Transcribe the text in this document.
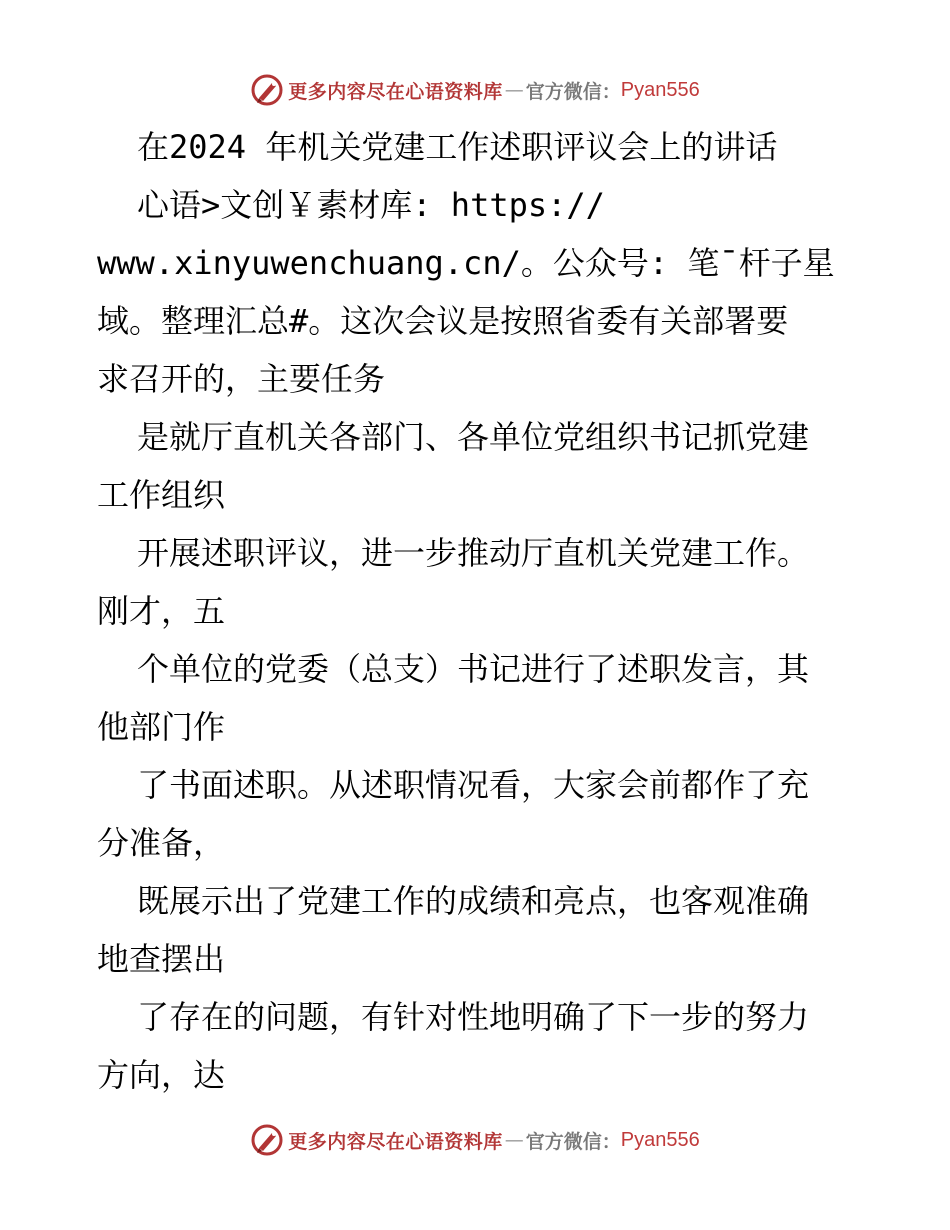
更多内容尽在心语资料库 — 官方微信： Pyan556
在2024 年机关党建工作述职评议会上的讲话
心语>文创￥素材库: https://
www.xinyuwenchuang.cn/。公众号: 笔¯杆子星
域。整理汇总#。这次会议是按照省委有关部署要
求召开的，主要任务
是就厅直机关各部门、各单位党组织书记抓党建
工作组织
开展述职评议，进一步推动厅直机关党建工作。
刚才，五
个单位的党委（总支）书记进行了述职发言，其
他部门作
了书面述职。从述职情况看，大家会前都作了充
分准备，
既展示出了党建工作的成绩和亮点，也客观准确
地查摆出
了存在的问题，有针对性地明确了下一步的努力
方向，达
更多内容尽在心语资料库 — 官方微信： Pyan556
